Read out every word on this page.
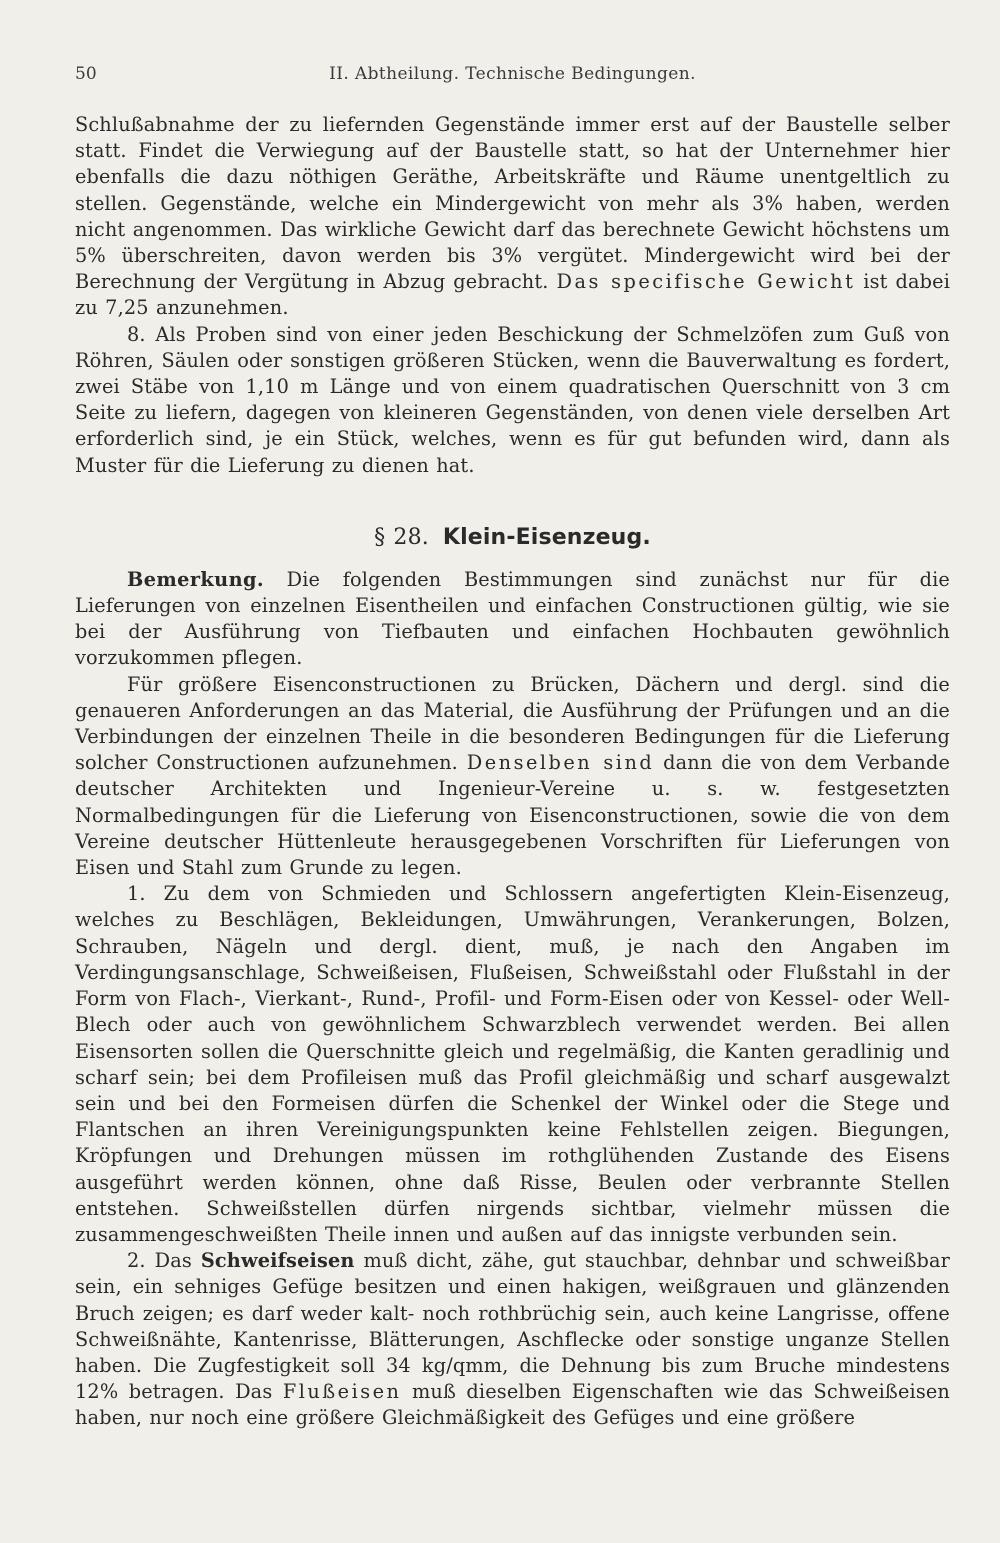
50	II. Abtheilung. Technische Bedingungen.

Schlußabnahme der zu liefernden Gegenstände immer erst auf der Baustelle selber statt. Findet die Verwiegung auf der Baustelle statt, so hat der Unternehmer hier ebenfalls die dazu nöthigen Geräthe, Arbeitskräfte und Räume unentgeltlich zu stellen. Gegenstände, welche ein Mindergewicht von mehr als 3% haben, werden nicht angenommen. Das wirkliche Gewicht darf das berechnete Gewicht höchstens um 5% überschreiten, davon werden bis 3% vergütet. Mindergewicht wird bei der Berechnung der Vergütung in Abzug gebracht. Das specifische Gewicht ist dabei zu 7,25 anzunehmen.

8. Als Proben sind von einer jeden Beschickung der Schmelzöfen zum Guß von Röhren, Säulen oder sonstigen größeren Stücken, wenn die Bauverwaltung es fordert, zwei Stäbe von 1,10 m Länge und von einem quadratischen Querschnitt von 3 cm Seite zu liefern, dagegen von kleineren Gegenständen, von denen viele derselben Art erforderlich sind, je ein Stück, welches, wenn es für gut befunden wird, dann als Muster für die Lieferung zu dienen hat.

§ 28. Klein-Eisenzeug.

Bemerkung. Die folgenden Bestimmungen sind zunächst nur für die Lieferungen von einzelnen Eisentheilen und einfachen Constructionen gültig, wie sie bei der Ausführung von Tiefbauten und einfachen Hochbauten gewöhnlich vorzukommen pflegen.

Für größere Eisenconstructionen zu Brücken, Dächern und dergl. sind die genaueren Anforderungen an das Material, die Ausführung der Prüfungen und an die Verbindungen der einzelnen Theile in die besonderen Bedingungen für die Lieferung solcher Constructionen aufzunehmen. Denselben sind dann die von dem Verbande deutscher Architekten und Ingenieur-Vereine u. s. w. festgesetzten Normalbedingungen für die Lieferung von Eisenconstructionen, sowie die von dem Vereine deutscher Hüttenleute herausgegebenen Vorschriften für Lieferungen von Eisen und Stahl zum Grunde zu legen.

1. Zu dem von Schmieden und Schlossern angefertigten Klein-Eisenzeug, welches zu Beschlägen, Bekleidungen, Umwährungen, Verankerungen, Bolzen, Schrauben, Nägeln und dergl. dient, muß, je nach den Angaben im Verdingungsanschlage, Schweißeisen, Flußeisen, Schweißstahl oder Flußstahl in der Form von Flach-, Vierkant-, Rund-, Profil- und Form-Eisen oder von Kessel- oder Well-Blech oder auch von gewöhnlichem Schwarzblech verwendet werden. Bei allen Eisensorten sollen die Querschnitte gleich und regelmäßig, die Kanten geradlinig und scharf sein; bei dem Profileisen muß das Profil gleichmäßig und scharf ausgewalzt sein und bei den Formeisen dürfen die Schenkel der Winkel oder die Stege und Flantschen an ihren Vereinigungspunkten keine Fehlstellen zeigen. Biegungen, Kröpfungen und Drehungen müssen im rothglühenden Zustande des Eisens ausgeführt werden können, ohne daß Risse, Beulen oder verbrannte Stellen entstehen. Schweißstellen dürfen nirgends sichtbar, vielmehr müssen die zusammengeschweißten Theile innen und außen auf das innigste verbunden sein.

2. Das Schweifseisen muß dicht, zähe, gut stauchbar, dehnbar und schweißbar sein, ein sehniges Gefüge besitzen und einen hakigen, weißgrauen und glänzenden Bruch zeigen; es darf weder kalt- noch rothbrüchig sein, auch keine Langrisse, offene Schweißnähte, Kantenrisse, Blätterungen, Aschflecke oder sonstige unganze Stellen haben. Die Zugfestigkeit soll 34 kg/qmm, die Dehnung bis zum Bruche mindestens 12% betragen. Das Flußeisen muß dieselben Eigenschaften wie das Schweißeisen haben, nur noch eine größere Gleichmäßigkeit des Gefüges und eine größere
